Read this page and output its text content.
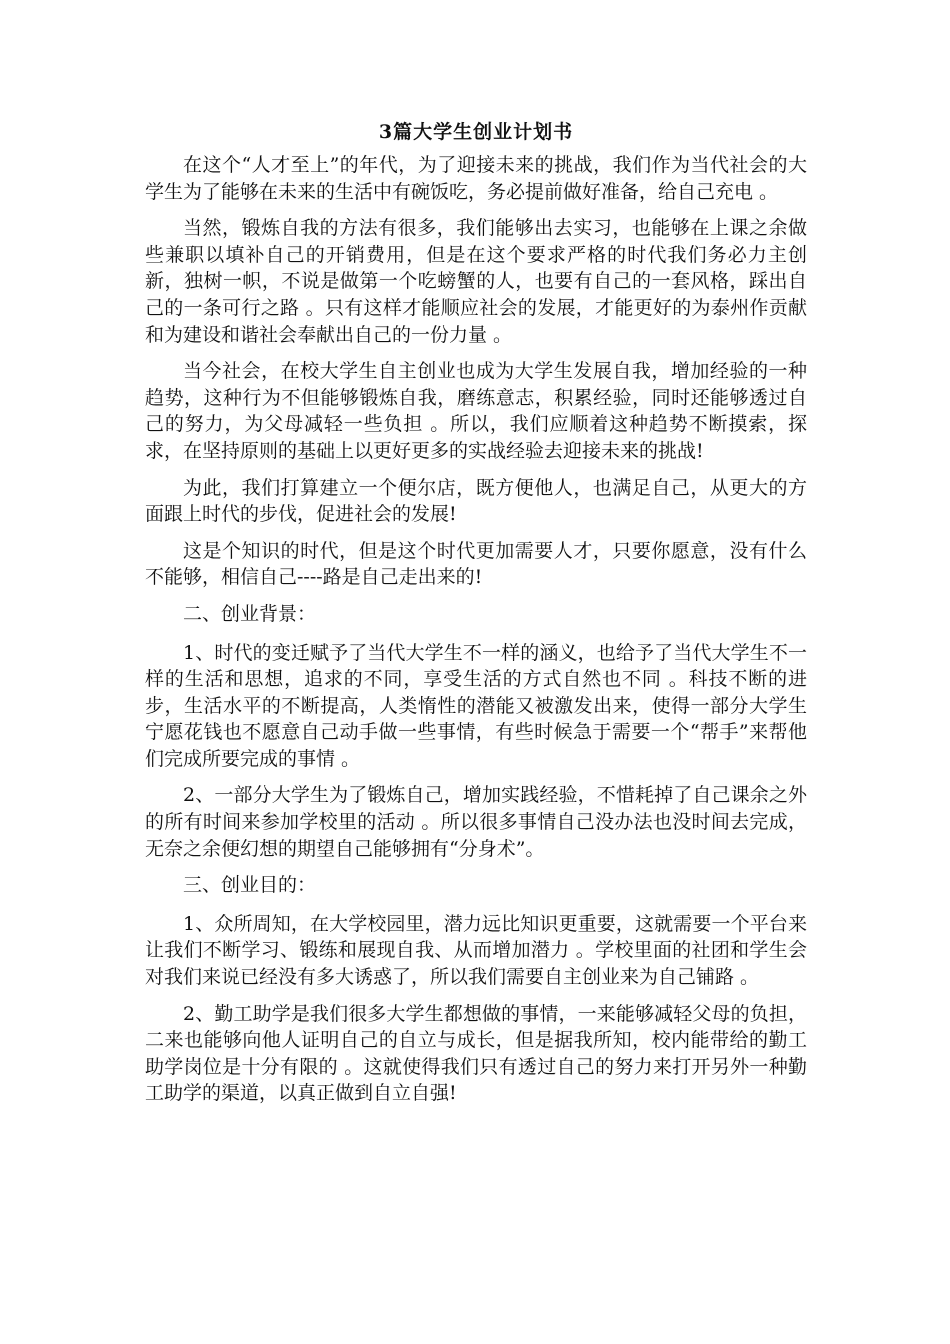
3篇大学生创业计划书

在这个“人才至上”的年代，为了迎接未来的挑战，我们作为当代社会的大学生为了能够在未来的生活中有碗饭吃，务必提前做好准备，给自己充电 。

当然，锻炼自我的方法有很多，我们能够出去实习，也能够在上课之余做些兼职以填补自己的开销费用，但是在这个要求严格的时代我们务必力主创新，独树一帜，不说是做第一个吃螃蟹的人，也要有自己的一套风格，踩出自己的一条可行之路 。只有这样才能顺应社会的发展，才能更好的为泰州作贡献和为建设和谐社会奉献出自己的一份力量 。

当今社会，在校大学生自主创业也成为大学生发展自我，增加经验的一种趋势，这种行为不但能够锻炼自我，磨练意志，积累经验，同时还能够透过自己的努力，为父母减轻一些负担 。所以，我们应顺着这种趋势不断摸索，探求，在坚持原则的基础上以更好更多的实战经验去迎接未来的挑战!

为此，我们打算建立一个便尔店，既方便他人，也满足自己，从更大的方面跟上时代的步伐，促进社会的发展!

这是个知识的时代，但是这个时代更加需要人才，只要你愿意，没有什么不能够，相信自己----路是自己走出来的!

二、创业背景：

1、时代的变迁赋予了当代大学生不一样的涵义，也给予了当代大学生不一样的生活和思想，追求的不同，享受生活的方式自然也不同 。科技不断的进步，生活水平的不断提高，人类惰性的潜能又被激发出来，使得一部分大学生宁愿花钱也不愿意自己动手做一些事情，有些时候急于需要一个“帮手”来帮他们完成所要完成的事情 。

2、一部分大学生为了锻炼自己，增加实践经验，不惜耗掉了自己课余之外的所有时间来参加学校里的活动 。所以很多事情自己没办法也没时间去完成，无奈之余便幻想的期望自己能够拥有“分身术”。

三、创业目的：

1、众所周知，在大学校园里，潜力远比知识更重要，这就需要一个平台来让我们不断学习、锻练和展现自我、从而增加潜力 。学校里面的社团和学生会对我们来说已经没有多大诱惑了，所以我们需要自主创业来为自己铺路 。

2、勤工助学是我们很多大学生都想做的事情，一来能够减轻父母的负担，二来也能够向他人证明自己的自立与成长，但是据我所知，校内能带给的勤工助学岗位是十分有限的 。这就使得我们只有透过自己的努力来打开另外一种勤工助学的渠道，以真正做到自立自强!
